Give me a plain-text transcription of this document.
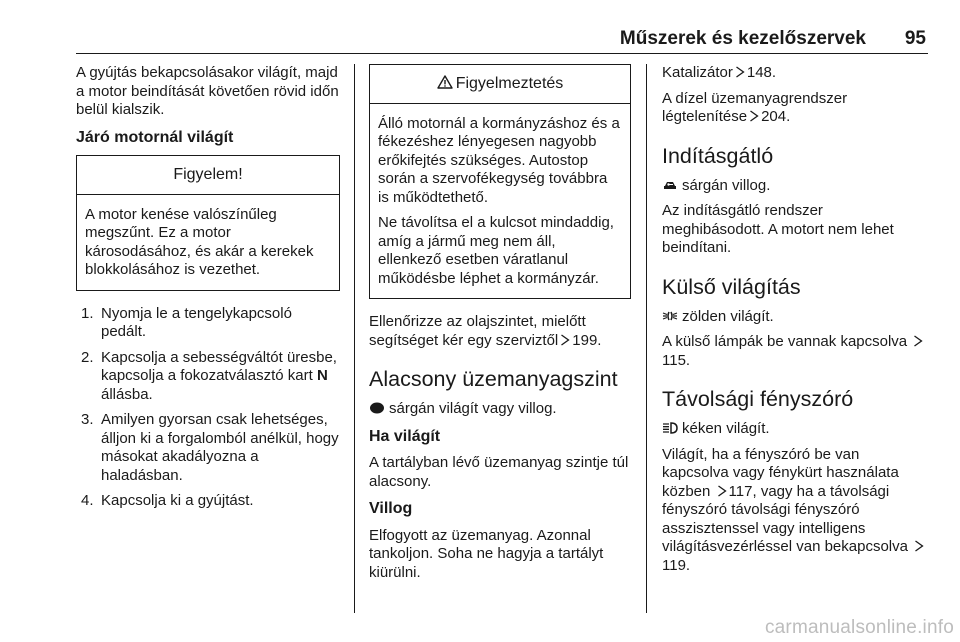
Műszerek és kezelőszervek 95

A gyújtás bekapcsolásakor világít, majd a motor beindítását követően rövid időn belül kialszik.

Járó motornál világít
Figyelem!

A motor kenése valószínűleg megszűnt. Ez a motor károsodásához, és akár a kerekek blokkolásához is vezethet.

1. Nyomja le a tengelykapcsoló pedált.
2. Kapcsolja a sebességváltót üresbe, kapcsolja a fokozatválasztó kart N állásba.
3. Amilyen gyorsan csak lehetséges, álljon ki a forgalomból anélkül, hogy másokat akadályozna a haladásban.
4. Kapcsolja ki a gyújtást.
Figyelmeztetés

Álló motornál a kormányzáshoz és a fékezéshez lényegesen nagyobb erőkifejtés szükséges. Autostop során a szervofékegység továbbra is működtethető.

Ne távolítsa el a kulcsot mindaddig, amíg a jármű meg nem áll, ellenkező esetben váratlanul működésbe léphet a kormányzár.

Ellenőrizze az olajszintet, mielőtt segítséget kér egy szerviztől 199.

Alacsony üzemanyagszint

sárgán világít vagy villog.

Ha világít

A tartályban lévő üzemanyag szintje túl alacsony.

Villog

Elfogyott az üzemanyag. Azonnal tankoljon. Soha ne hagyja a tartályt kiürülni.

Katalizátor 148.

A dízel üzemanyagrendszer légtelenítése 204.

Indításgátló

sárgán villog.

Az indításgátló rendszer meghibásodott. A motort nem lehet beindítani.

Külső világítás

zölden világít.

A külső lámpák be vannak kapcsolva 115.

Távolsági fényszóró

kéken világít.

Világít, ha a fényszóró be van kapcsolva vagy fénykürt használata közben 117, vagy ha a távolsági fényszóró távolsági fényszóró asszisztenssel vagy intelligens világításvezérléssel van bekapcsolva 119.

carmanualsonline.info
